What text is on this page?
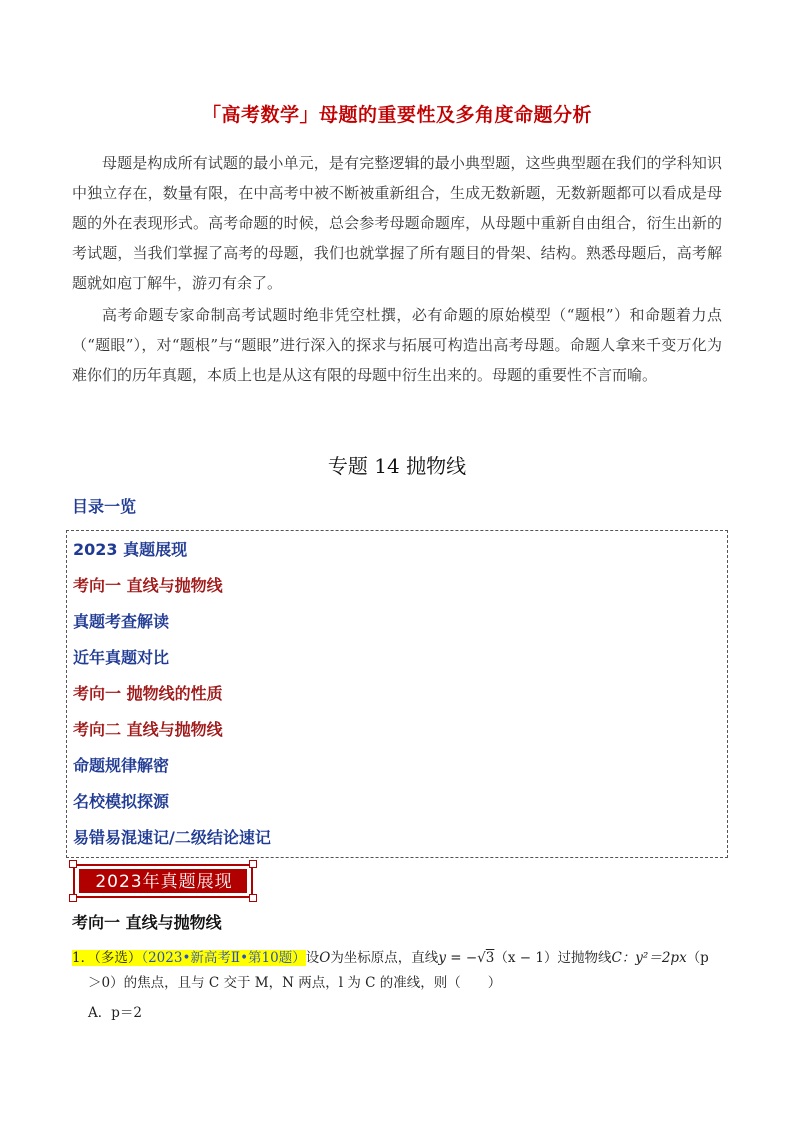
「高考数学」母题的重要性及多角度命题分析

母题是构成所有试题的最小单元，是有完整逻辑的最小典型题，这些典型题在我们的学科知识中独立存在，数量有限，在中高考中被不断被重新组合，生成无数新题，无数新题都可以看成是母题的外在表现形式。高考命题的时候，总会参考母题命题库，从母题中重新自由组合，衍生出新的考试题，当我们掌握了高考的母题，我们也就掌握了所有题目的骨架、结构。熟悉母题后，高考解题就如庖丁解牛，游刃有余了。

高考命题专家命制高考试题时绝非凭空杜撰，必有命题的原始模型（“题根”）和命题着力点（“题眼”），对“题根”与“题眼”进行深入的探求与拓展可构造出高考母题。命题人拿来千变万化为难你们的历年真题，本质上也是从这有限的母题中衍生出来的。母题的重要性不言而喻。

专题 14 抛物线
目录一览
2023 真题展现
考向一 直线与抛物线
真题考查解读
近年真题对比
考向一 抛物线的性质
考向二 直线与抛物线
命题规律解密
名校模拟探源
易错易混速记/二级结论速记
2023年真题展现
考向一 直线与抛物线
1．（多选）（2023•新高考Ⅱ•第10题）设O为坐标原点，直线y = −√3（x − 1）过抛物线C：y²＝2px（p
＞0）的焦点，且与 C 交于 M，N 两点，l 为 C 的准线，则（　　）
A．p＝2
